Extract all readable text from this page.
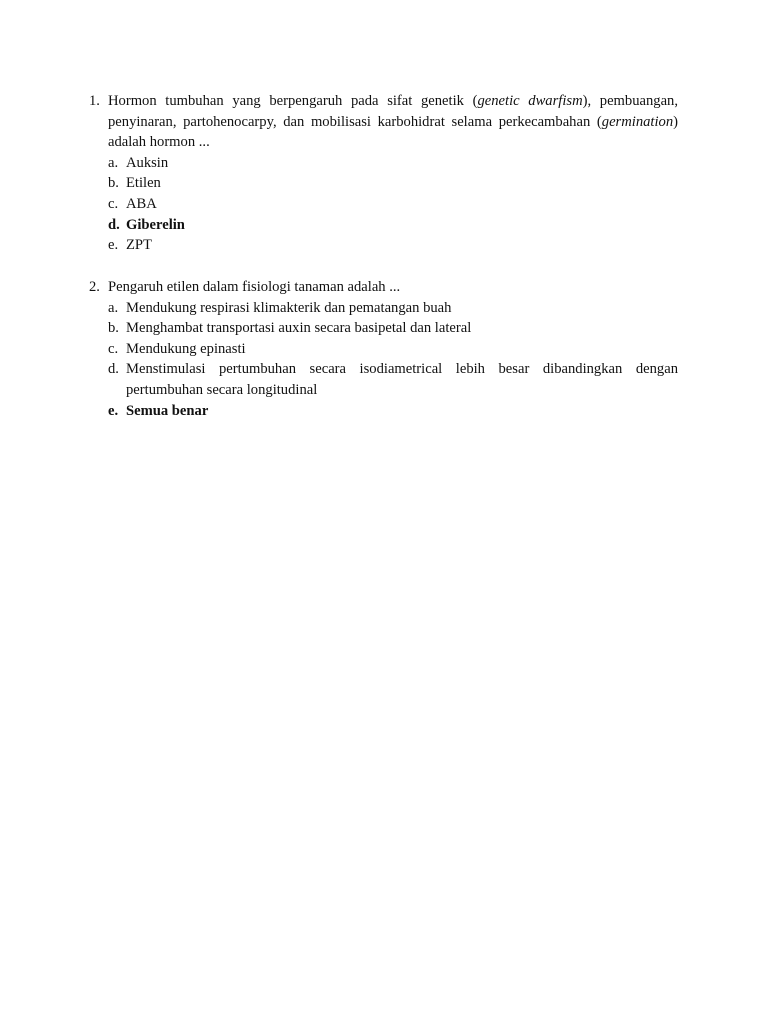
1. Hormon tumbuhan yang berpengaruh pada sifat genetik (genetic dwarfism), pembuangan, penyinaran, partohenocarpy, dan mobilisasi karbohidrat selama perkecambahan (germination) adalah hormon ...
a. Auksin
b. Etilen
c. ABA
d. Giberelin
e. ZPT
2. Pengaruh etilen dalam fisiologi tanaman adalah ...
a. Mendukung respirasi klimakterik dan pematangan buah
b. Menghambat transportasi auxin secara basipetal dan lateral
c. Mendukung epinasti
d. Menstimulasi pertumbuhan secara isodiametrical lebih besar dibandingkan dengan pertumbuhan secara longitudinal
e. Semua benar
